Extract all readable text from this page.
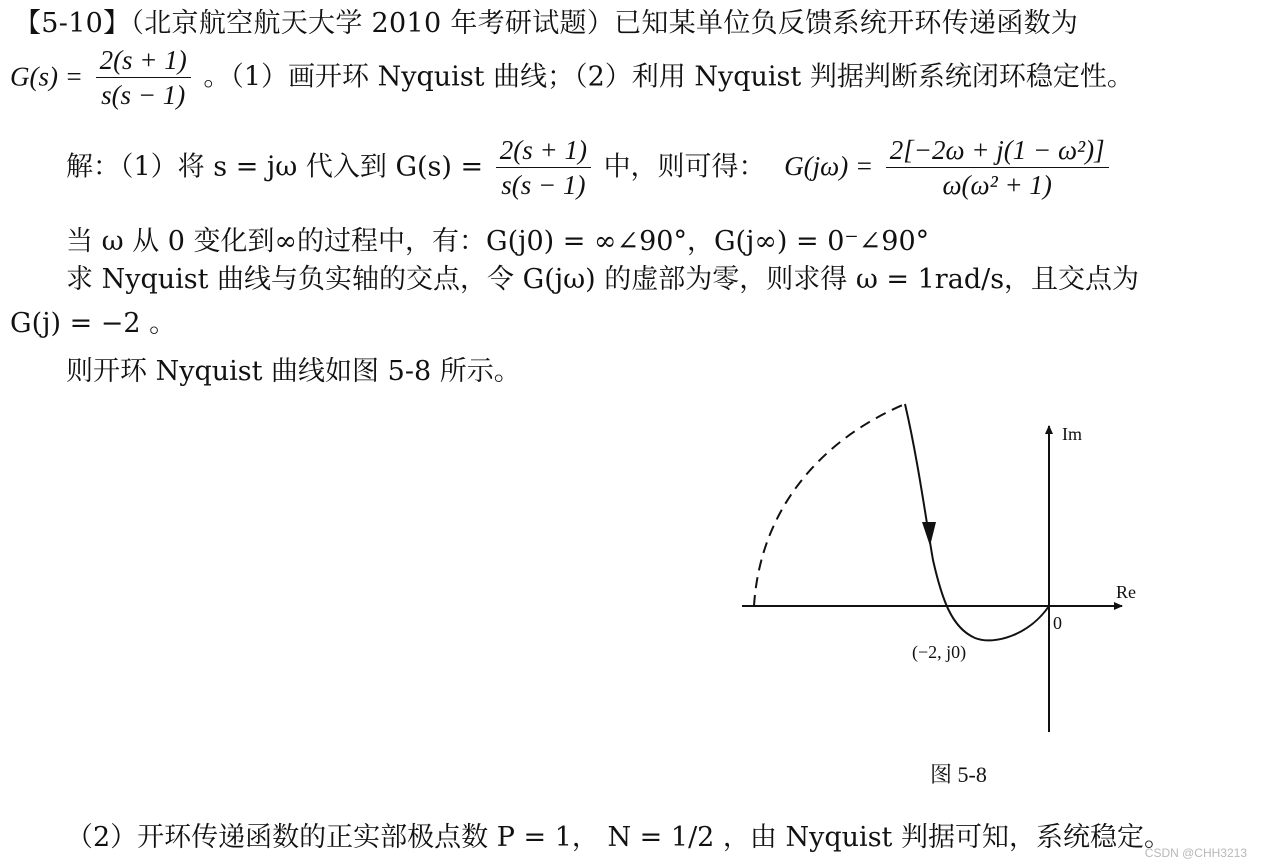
【5-10】（北京航空航天大学 2010 年考研试题）已知某单位负反馈系统开环传递函数为
$G(s) = \frac{2(s + 1)}{s(s - 1)}$ 。（1）画开环 Nyquist 曲线；（2）利用 Nyquist 判据判断系统闭环稳定性。
解：（1）将 s = jω 代入到 $G(s) = \frac{2(s + 1)}{s(s - 1)}$ 中，则可得： $G(j\omega) = \frac{\text{2[−2ω + j(1 − ω²)]}}{\text{ω(ω² + 1)}}$
当 ω 从 0 变化到∞的过程中，有：G(j0) = ∞∠90°，G(j∞) = 0⁻∠90°
求 Nyquist 曲线与负实轴的交点，令 G(jω) 的虚部为零，则求得 ω = 1rad/s，且交点为
G(j) = −2 。
则开环 Nyquist 曲线如图 5-8 所示。
Im
Re
0
(−2, j0)
图 5-8
（2）开环传递函数的正实部极点数 P = 1， N = 1/2 ，由 Nyquist 判据可知，系统稳定。
CSDN @CHH3213
